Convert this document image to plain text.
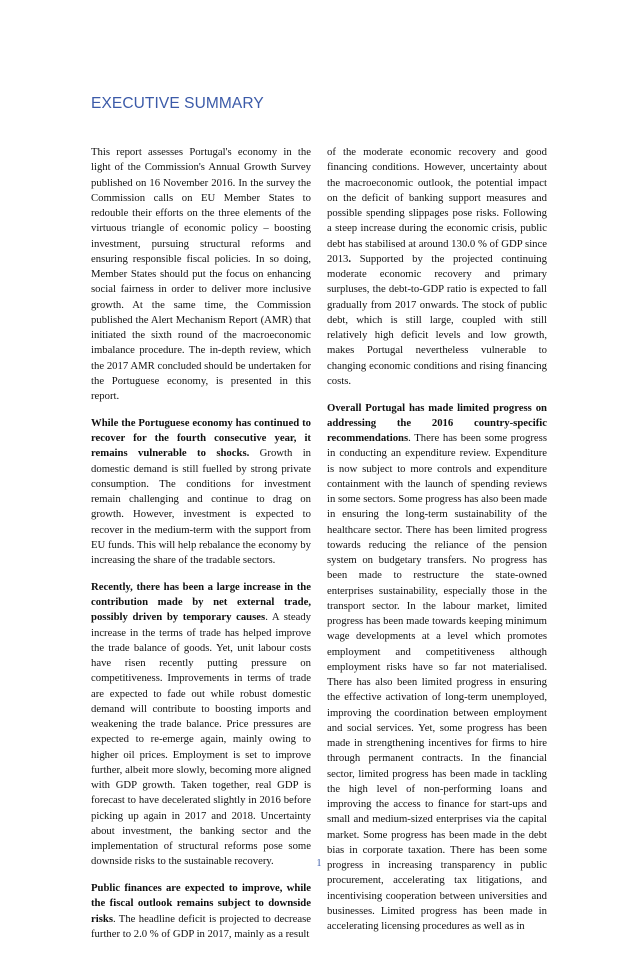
EXECUTIVE SUMMARY

This report assesses Portugal's economy in the light of the Commission's Annual Growth Survey published on 16 November 2016. In the survey the Commission calls on EU Member States to redouble their efforts on the three elements of the virtuous triangle of economic policy – boosting investment, pursuing structural reforms and ensuring responsible fiscal policies. In so doing, Member States should put the focus on enhancing social fairness in order to deliver more inclusive growth. At the same time, the Commission published the Alert Mechanism Report (AMR) that initiated the sixth round of the macroeconomic imbalance procedure. The in-depth review, which the 2017 AMR concluded should be undertaken for the Portuguese economy, is presented in this report.

While the Portuguese economy has continued to recover for the fourth consecutive year, it remains vulnerable to shocks. Growth in domestic demand is still fuelled by strong private consumption. The conditions for investment remain challenging and continue to drag on growth. However, investment is expected to recover in the medium-term with the support from EU funds. This will help rebalance the economy by increasing the share of the tradable sectors.

Recently, there has been a large increase in the contribution made by net external trade, possibly driven by temporary causes. A steady increase in the terms of trade has helped improve the trade balance of goods. Yet, unit labour costs have risen recently putting pressure on competitiveness. Improvements in terms of trade are expected to fade out while robust domestic demand will contribute to boosting imports and weakening the trade balance. Price pressures are expected to re-emerge again, mainly owing to higher oil prices. Employment is set to improve further, albeit more slowly, becoming more aligned with GDP growth. Taken together, real GDP is forecast to have decelerated slightly in 2016 before picking up again in 2017 and 2018. Uncertainty about investment, the banking sector and the implementation of structural reforms pose some downside risks to the sustainable recovery.

Public finances are expected to improve, while the fiscal outlook remains subject to downside risks. The headline deficit is projected to decrease further to 2.0 % of GDP in 2017, mainly as a result

of the moderate economic recovery and good financing conditions. However, uncertainty about the macroeconomic outlook, the potential impact on the deficit of banking support measures and possible spending slippages pose risks. Following a steep increase during the economic crisis, public debt has stabilised at around 130.0 % of GDP since 2013. Supported by the projected continuing moderate economic recovery and primary surpluses, the debt-to-GDP ratio is expected to fall gradually from 2017 onwards. The stock of public debt, which is still large, coupled with still relatively high deficit levels and low growth, makes Portugal nevertheless vulnerable to changing economic conditions and rising financing costs.

Overall Portugal has made limited progress on addressing the 2016 country-specific recommendations. There has been some progress in conducting an expenditure review. Expenditure is now subject to more controls and expenditure containment with the launch of spending reviews in some sectors. Some progress has also been made in ensuring the long-term sustainability of the healthcare sector. There has been limited progress towards reducing the reliance of the pension system on budgetary transfers. No progress has been made to restructure the state-owned enterprises sustainability, especially those in the transport sector. In the labour market, limited progress has been made towards keeping minimum wage developments at a level which promotes employment and competitiveness although employment risks have so far not materialised. There has also been limited progress in ensuring the effective activation of long-term unemployed, improving the coordination between employment and social services. Yet, some progress has been made in strengthening incentives for firms to hire through permanent contracts. In the financial sector, limited progress has been made in tackling the high level of non-performing loans and improving the access to finance for start-ups and small and medium-sized enterprises via the capital market. Some progress has been made in the debt bias in corporate taxation. There has been some progress in increasing transparency in public procurement, accelerating tax litigations, and incentivising cooperation between universities and businesses. Limited progress has been made in accelerating licensing procedures as well as in

1
